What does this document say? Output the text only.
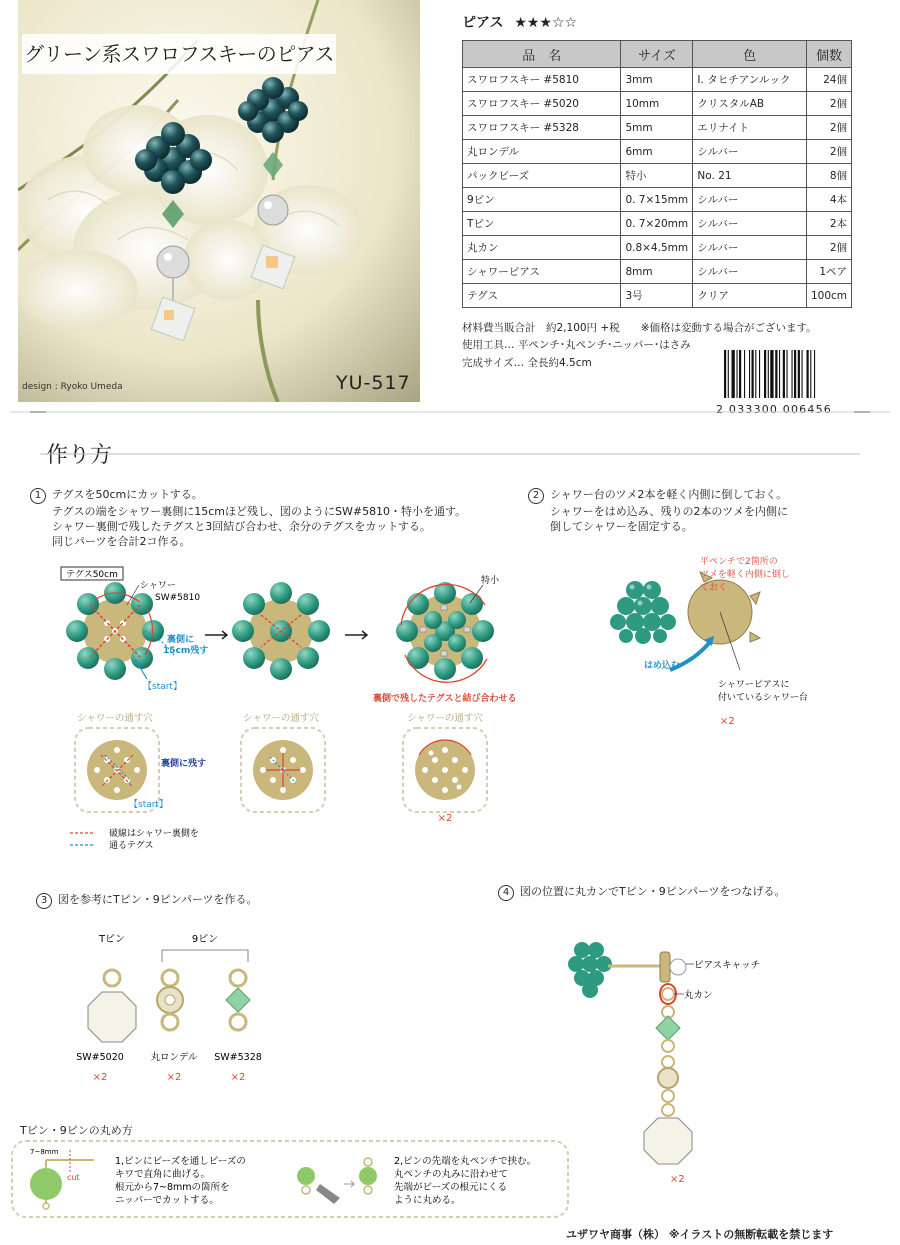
グリーン系スワロフスキーのピアス
design : Ryoko Umeda	YU-517
ピアス ★★★☆☆
品　名	サイズ	色	個数
スワロフスキー #5810	3mm	I. タヒチアンルック	24個
スワロフスキー #5020	10mm	クリスタルAB	2個
スワロフスキー #5328	5mm	エリナイト	2個
丸ロンデル	6mm	シルバー	2個
パックビーズ	特小	No. 21	8個
9ピン	0. 7×15mm	シルバー	4本
Tピン	0. 7×20mm	シルバー	2本
丸カン	0.8×4.5mm	シルバー	2個
シャワーピアス	8mm	シルバー	1ペア
テグス	3号	クリア	100cm
材料費当販合計　約2,100円 +税　　※価格は変動する場合がございます。
使用工具… 平ペンチ･丸ペンチ･ニッパー･はさみ
完成サイズ… 全長約4.5cm
2 033300 006456
作り方
1 テグスを50cmにカットする。
テグスの端をシャワー裏側に15cmほど残し、図のようにSW#5810・特小を通す。
シャワー裏側で残したテグスと3回結び合わせ、余分のテグスをカットする。
同じパーツを合計2コ作る。
2 シャワー台のツメ2本を軽く内側に倒しておく。
シャワーをはめ込み、残りの2本のツメを内側に
倒してシャワーを固定する。
テグス50cm
シャワー
SW#5810
裏側に
15cm残す
【start】
特小
裏側で残したテグスと結び合わせる
シャワーの通す穴	シャワーの通す穴	シャワーの通す穴
裏側に残す
【start】
×2
破線はシャワー裏側を
通るテグス
はめ込む
平ペンチで2箇所の
ツメを軽く内側に倒し
ておく
シャワーピアスに
付いているシャワー台
×2
3 図を参考にTピン・9ピンパーツを作る。
Tピン	9ピン
SW#5020	丸ロンデル SW#5328
×2	×2	×2
4 図の位置に丸カンでTピン・9ピンパーツをつなげる。
ピアスキャッチ
丸カン
×2
Tピン・9ピンの丸め方
7~8mm
cut
1,ピンにビーズを通しビーズの
キワで直角に曲げる。
根元から7~8mmの箇所を
ニッパーでカットする。
2,ピンの先端を丸ペンチで挟む。
丸ペンチの丸みに沿わせて
先端がビーズの根元にくる
ように丸める。
ユザワヤ商事（株） ※イラストの無断転載を禁じます
